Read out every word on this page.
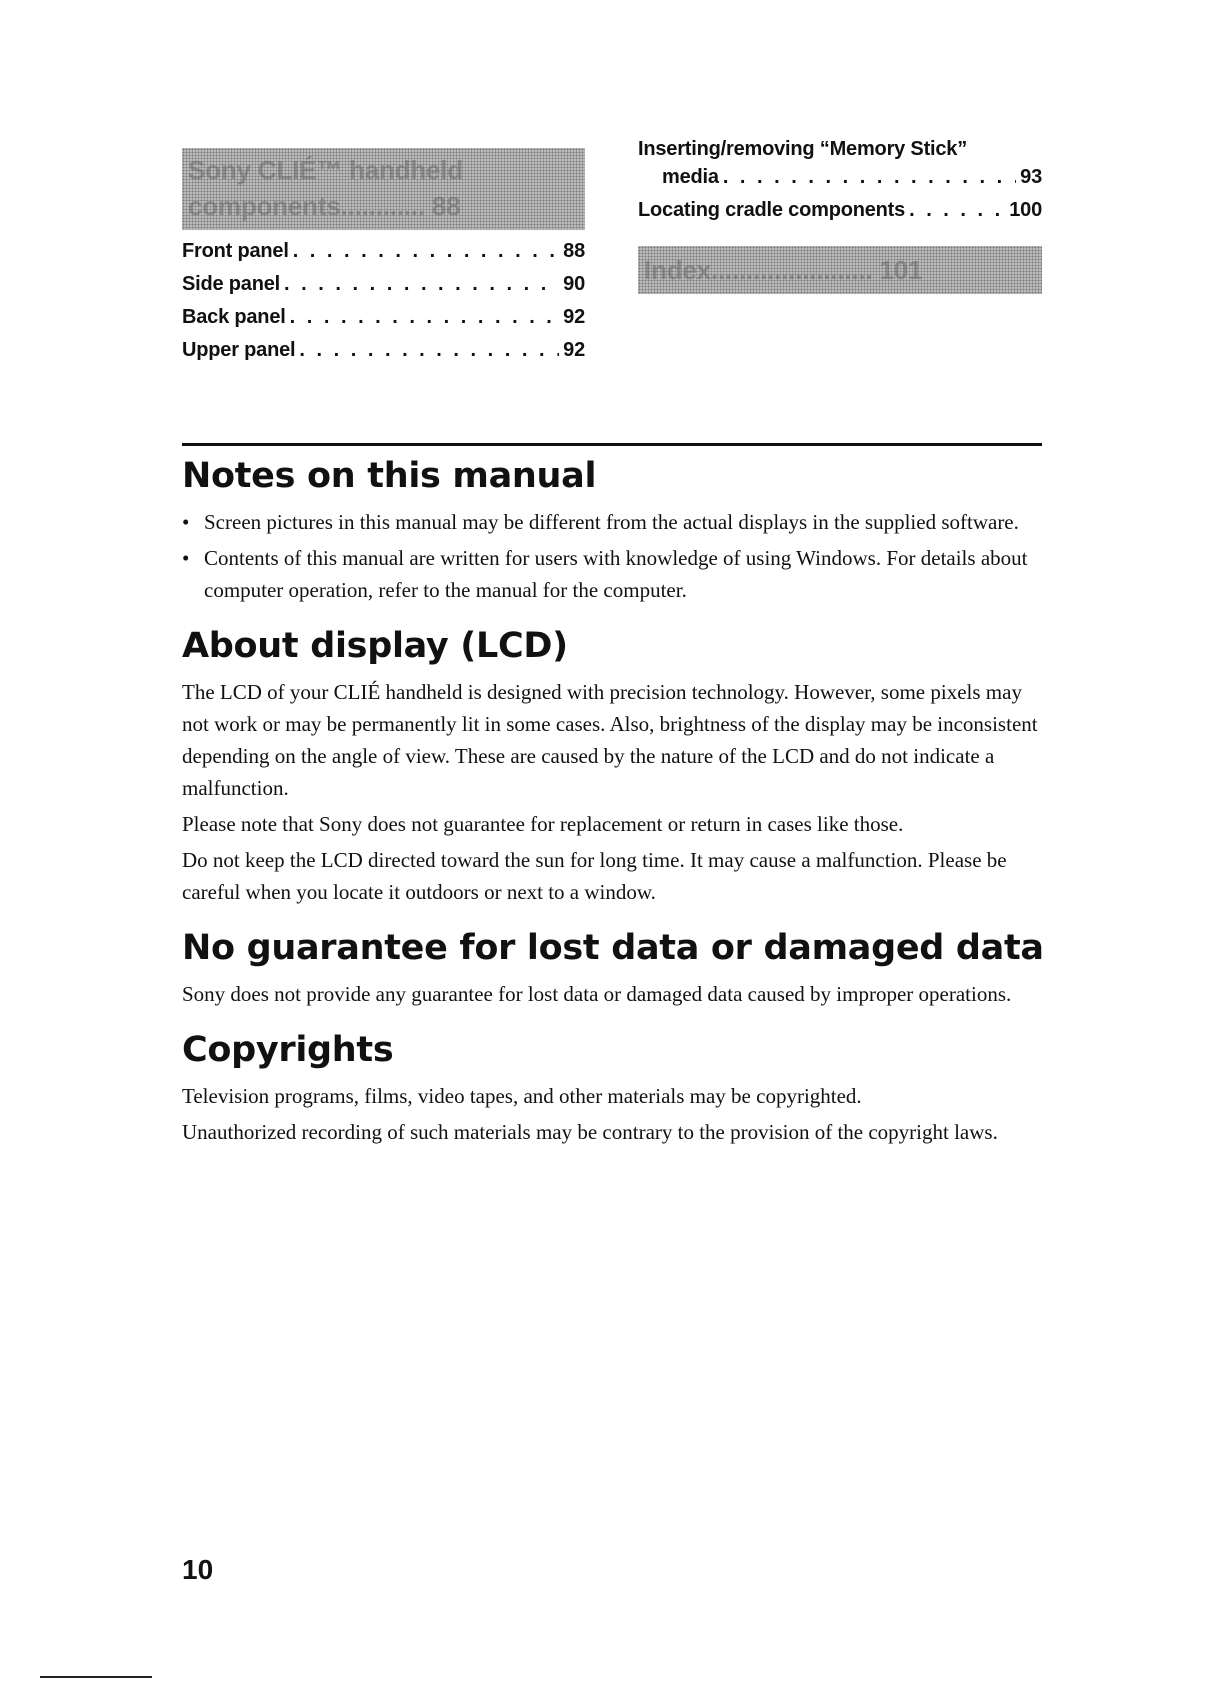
Sony CLIÉ™ handheld components............ 88
Front panel . . .	88
Side panel . . .	90
Back panel . . .	92
Upper panel . . .	92
Inserting/removing “Memory Stick”
media . . .	93
Locating cradle components . . .	100
Index....................... 101
Notes on this manual
• Screen pictures in this manual may be different from the actual displays in the supplied software.
• Contents of this manual are written for users with knowledge of using Windows. For details about computer operation, refer to the manual for the computer.
About display (LCD)

The LCD of your CLIÉ handheld is designed with precision technology. However, some pixels may not work or may be permanently lit in some cases. Also, brightness of the display may be inconsistent depending on the angle of view. These are caused by the nature of the LCD and do not indicate a malfunction.

Please note that Sony does not guarantee for replacement or return in cases like those.

Do not keep the LCD directed toward the sun for long time. It may cause a malfunction. Please be careful when you locate it outdoors or next to a window.

No guarantee for lost data or damaged data

Sony does not provide any guarantee for lost data or damaged data caused by improper operations.

Copyrights

Television programs, films, video tapes, and other materials may be copyrighted.

Unauthorized recording of such materials may be contrary to the provision of the copyright laws.

10
